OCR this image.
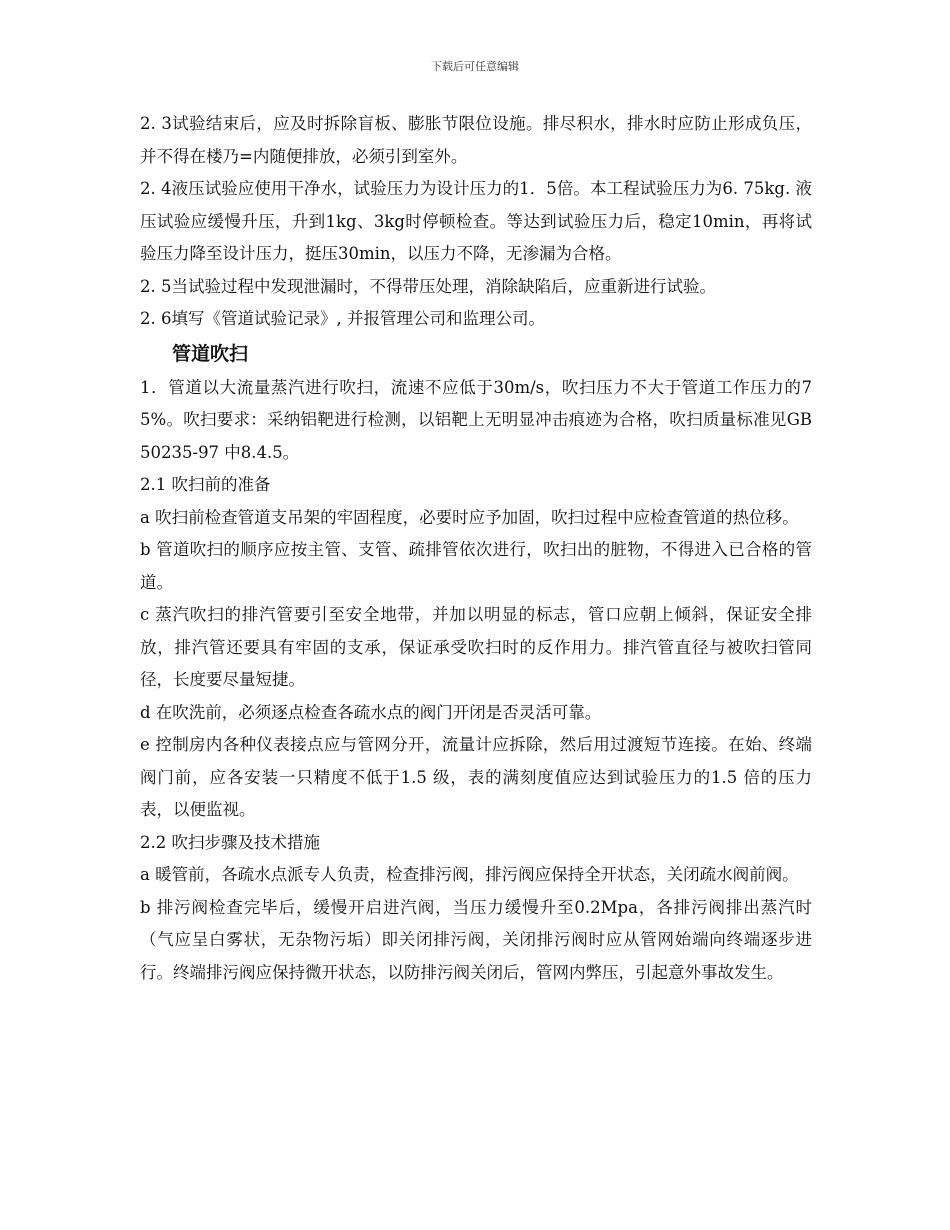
下载后可任意编辑

2. 3试验结束后，应及时拆除盲板、膨胀节限位设施。排尽积水，排水时应防止形成负压，并不得在楼乃=内随便排放，必须引到室外。

2. 4液压试验应使用干净水，试验压力为设计压力的1．5倍。本工程试验压力为6. 75kg. 液压试验应缓慢升压，升到1kg、3kg时停顿检查。等达到试验压力后，稳定10min，再将试验压力降至设计压力，挺压30min，以压力不降，无渗漏为合格。

2. 5当试验过程中发现泄漏时，不得带压处理，消除缺陷后，应重新进行试验。

2. 6填写《管道试验记录》, 并报管理公司和监理公司。

管道吹扫

1．管道以大流量蒸汽进行吹扫，流速不应低于30m/s，吹扫压力不大于管道工作压力的75%。吹扫要求：采纳铝靶进行检测，以铝靶上无明显冲击痕迹为合格，吹扫质量标准见GB50235-97 中8.4.5。

2.1 吹扫前的准备

a 吹扫前检查管道支吊架的牢固程度，必要时应予加固，吹扫过程中应检查管道的热位移。

b 管道吹扫的顺序应按主管、支管、疏排管依次进行，吹扫出的脏物，不得进入已合格的管道。

c 蒸汽吹扫的排汽管要引至安全地带，并加以明显的标志，管口应朝上倾斜，保证安全排放，排汽管还要具有牢固的支承，保证承受吹扫时的反作用力。排汽管直径与被吹扫管同径，长度要尽量短捷。

d 在吹洗前，必须逐点检查各疏水点的阀门开闭是否灵活可靠。

e 控制房内各种仪表接点应与管网分开，流量计应拆除，然后用过渡短节连接。在始、终端阀门前，应各安装一只精度不低于1.5 级，表的满刻度值应达到试验压力的1.5 倍的压力表，以便监视。

2.2 吹扫步骤及技术措施

a 暖管前，各疏水点派专人负责，检查排污阀，排污阀应保持全开状态，关闭疏水阀前阀。

b 排污阀检查完毕后，缓慢开启进汽阀，当压力缓慢升至0.2Mpa，各排污阀排出蒸汽时（气应呈白雾状，无杂物污垢）即关闭排污阀，关闭排污阀时应从管网始端向终端逐步进行。终端排污阀应保持微开状态，以防排污阀关闭后，管网内弊压，引起意外事故发生。
